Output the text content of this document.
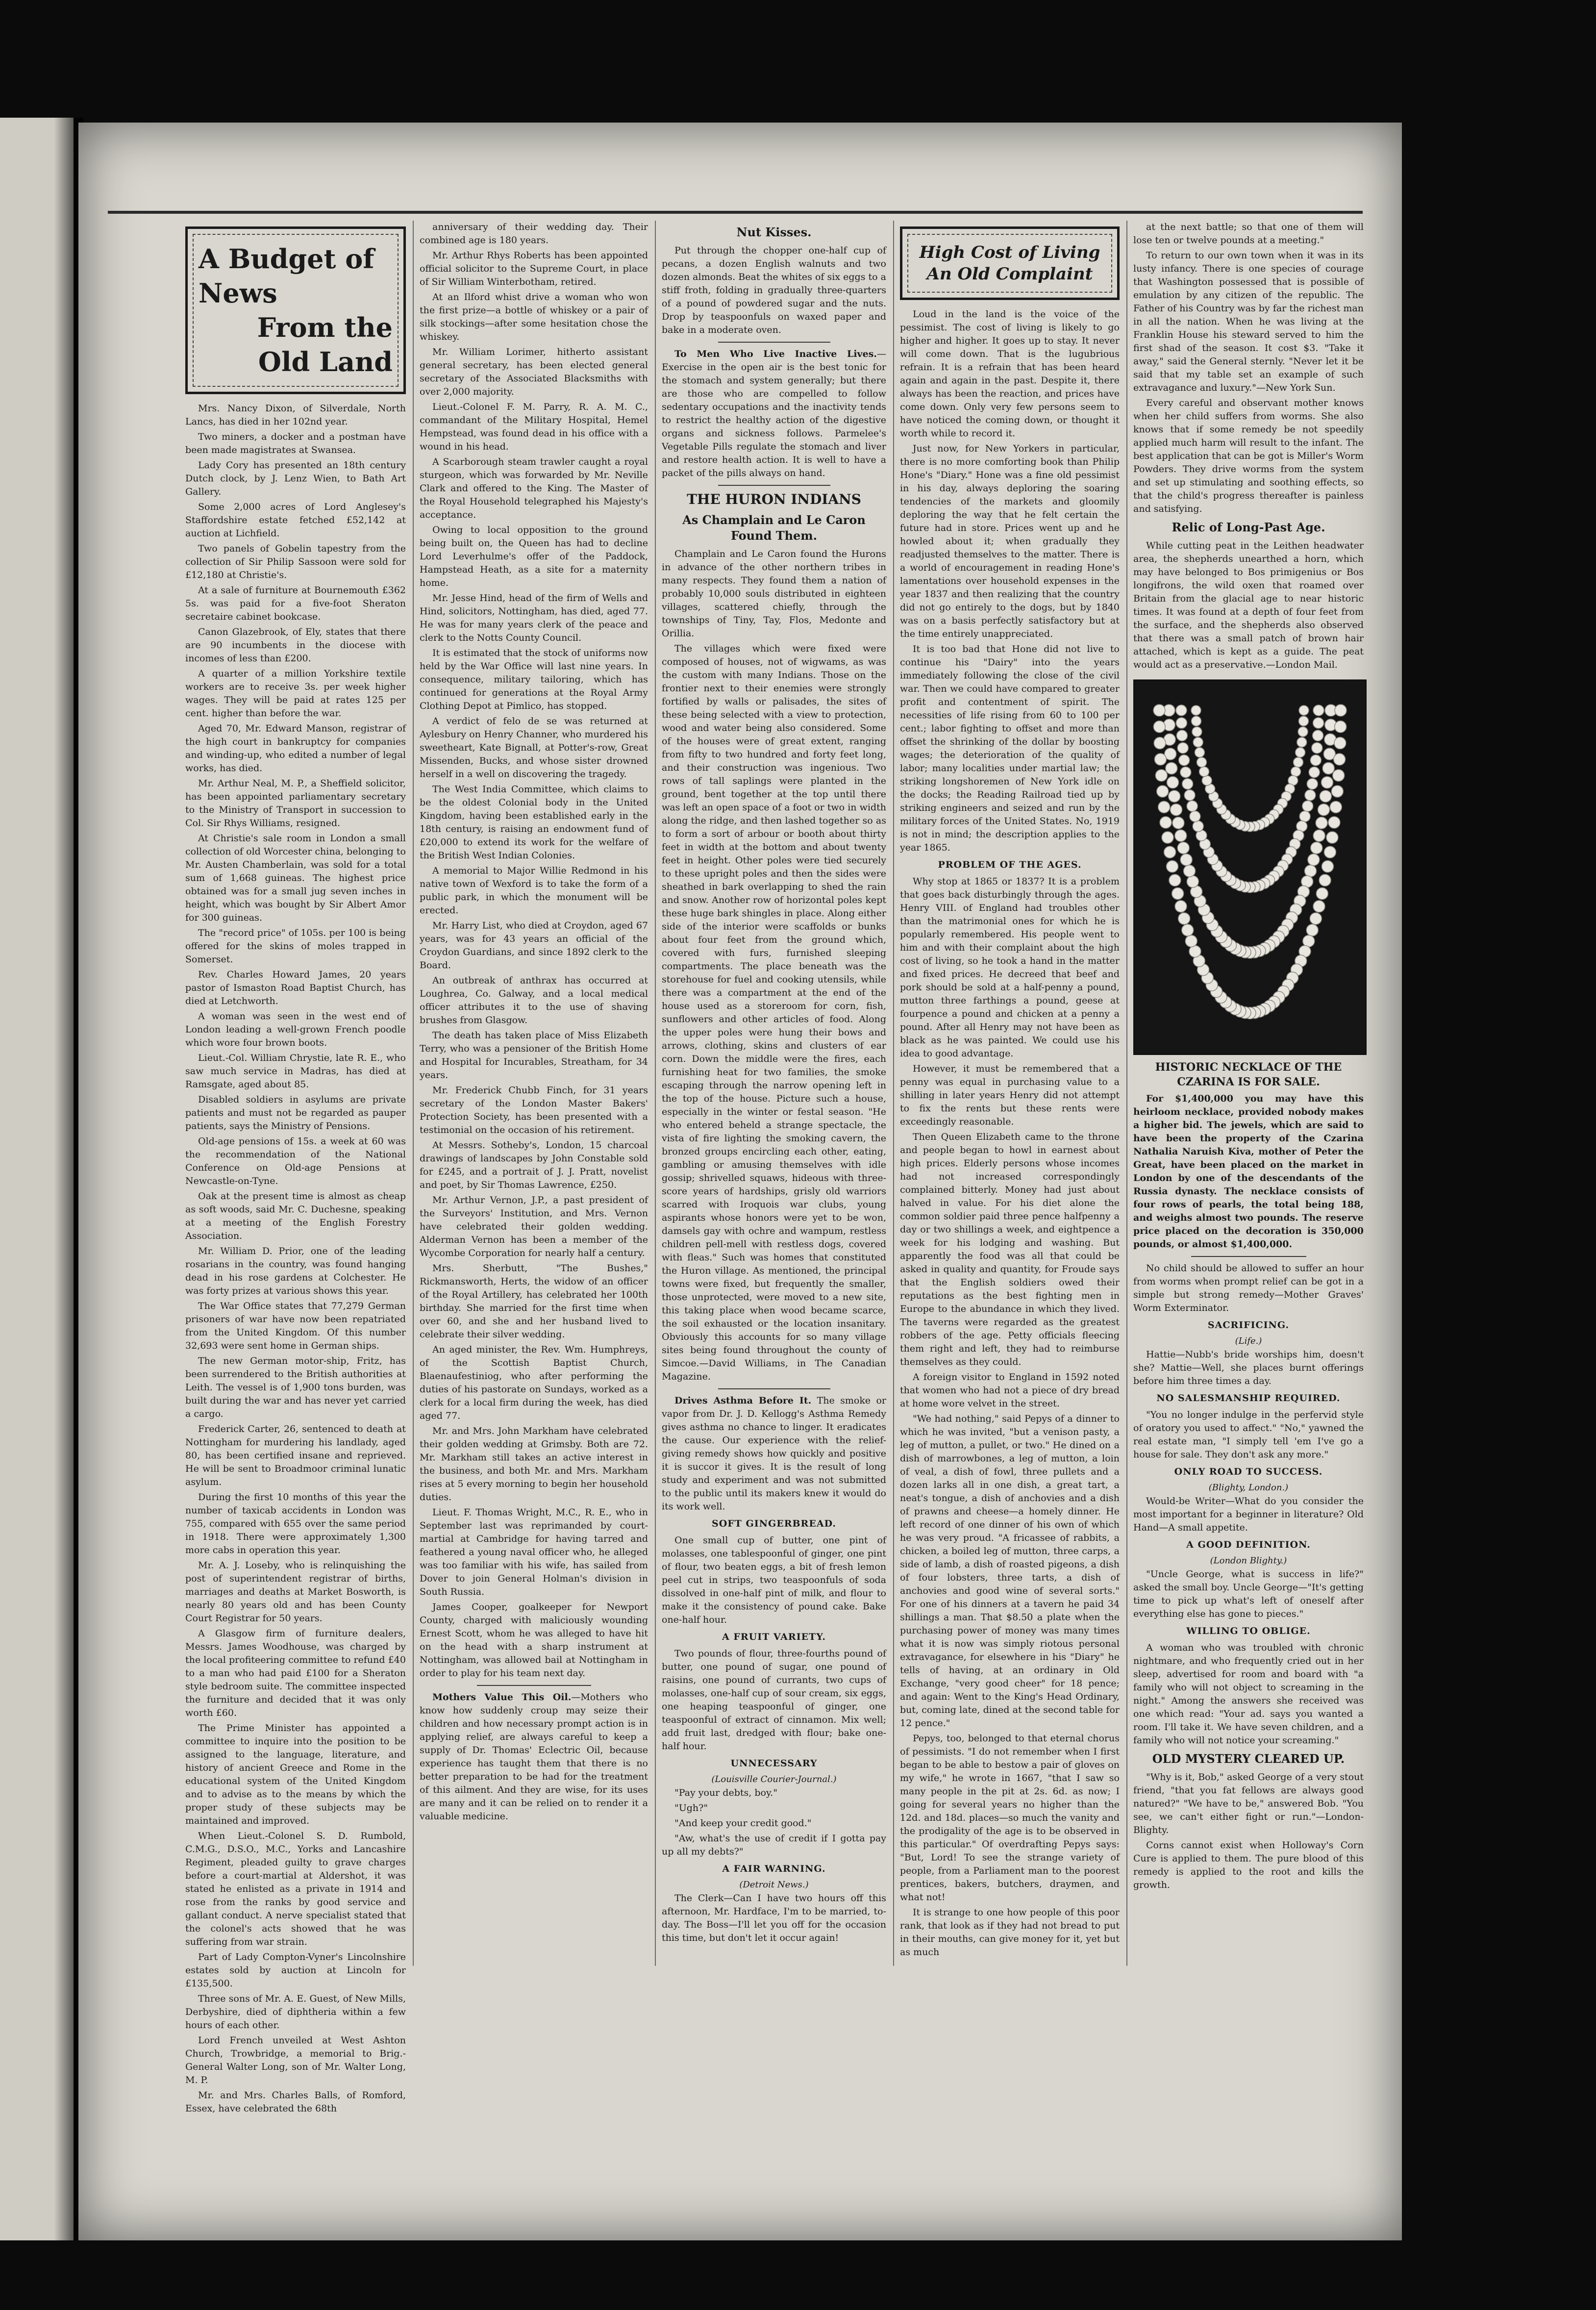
A Budget of News
From the Old Land

Mrs. Nancy Dixon, of Silverdale, North Lancs, has died in her 102nd year.

Two miners, a docker and a postman have been made magistrates at Swansea.

Lady Cory has presented an 18th century Dutch clock, by J. Lenz Wien, to Bath Art Gallery.

Some 2,000 acres of Lord Anglesey's Staffordshire estate fetched £52,142 at auction at Lichfield.

Two panels of Gobelin tapestry from the collection of Sir Philip Sassoon were sold for £12,180 at Christie's.

At a sale of furniture at Bournemouth £362 5s. was paid for a five-foot Sheraton secretaire cabinet bookcase.

Canon Glazebrook, of Ely, states that there are 90 incumbents in the diocese with incomes of less than £200.

A quarter of a million Yorkshire textile workers are to receive 3s. per week higher wages. They will be paid at rates 125 per cent. higher than before the war.

Aged 70, Mr. Edward Manson, registrar of the high court in bankruptcy for companies and winding-up, who edited a number of legal works, has died.

Mr. Arthur Neal, M. P., a Sheffield solicitor, has been appointed parliamentary secretary to the Ministry of Transport in succession to Col. Sir Rhys Williams, resigned.

At Christie's sale room in London a small collection of old Worcester china, belonging to Mr. Austen Chamberlain, was sold for a total sum of 1,668 guineas. The highest price obtained was for a small jug seven inches in height, which was bought by Sir Albert Amor for 300 guineas.

The "record price" of 105s. per 100 is being offered for the skins of moles trapped in Somerset.

Rev. Charles Howard James, 20 years pastor of Ismaston Road Baptist Church, has died at Letchworth.

A woman was seen in the west end of London leading a well-grown French poodle which wore four brown boots.

Lieut.-Col. William Chrystie, late R. E., who saw much service in Madras, has died at Ramsgate, aged about 85.

Disabled soldiers in asylums are private patients and must not be regarded as pauper patients, says the Ministry of Pensions.

Old-age pensions of 15s. a week at 60 was the recommendation of the National Conference on Old-age Pensions at Newcastle-on-Tyne.

Oak at the present time is almost as cheap as soft woods, said Mr. C. Duchesne, speaking at a meeting of the English Forestry Association.

Mr. William D. Prior, one of the leading rosarians in the country, was found hanging dead in his rose gardens at Colchester. He was forty prizes at various shows this year.

The War Office states that 77,279 German prisoners of war have now been repatriated from the United Kingdom. Of this number 32,693 were sent home in German ships.

The new German motor-ship, Fritz, has been surrendered to the British authorities at Leith. The vessel is of 1,900 tons burden, was built during the war and has never yet carried a cargo.

Frederick Carter, 26, sentenced to death at Nottingham for murdering his landlady, aged 80, has been certified insane and reprieved. He will be sent to Broadmoor criminal lunatic asylum.

During the first 10 months of this year the number of taxicab accidents in London was 755, compared with 655 over the same period in 1918. There were approximately 1,300 more cabs in operation this year.

Mr. A. J. Loseby, who is relinquishing the post of superintendent registrar of births, marriages and deaths at Market Bosworth, is nearly 80 years old and has been County Court Registrar for 50 years.

A Glasgow firm of furniture dealers, Messrs. James Woodhouse, was charged by the local profiteering committee to refund £40 to a man who had paid £100 for a Sheraton style bedroom suite. The committee inspected the furniture and decided that it was only worth £60.

The Prime Minister has appointed a committee to inquire into the position to be assigned to the language, literature, and history of ancient Greece and Rome in the educational system of the United Kingdom and to advise as to the means by which the proper study of these subjects may be maintained and improved.

When Lieut.-Colonel S. D. Rumbold, C.M.G., D.S.O., M.C., Yorks and Lancashire Regiment, pleaded guilty to grave charges before a court-martial at Aldershot, it was stated he enlisted as a private in 1914 and rose from the ranks by good service and gallant conduct. A nerve specialist stated that the colonel's acts showed that he was suffering from war strain.

Part of Lady Compton-Vyner's Lincolnshire estates sold by auction at Lincoln for £135,500.

Three sons of Mr. A. E. Guest, of New Mills, Derbyshire, died of diphtheria within a few hours of each other.

Lord French unveiled at West Ashton Church, Trowbridge, a memorial to Brig.-General Walter Long, son of Mr. Walter Long, M. P.

Mr. and Mrs. Charles Balls, of Romford, Essex, have celebrated the 68th

anniversary of their wedding day. Their combined age is 180 years.

Mr. Arthur Rhys Roberts has been appointed official solicitor to the Supreme Court, in place of Sir William Winterbotham, retired.

At an Ilford whist drive a woman who won the first prize—a bottle of whiskey or a pair of silk stockings—after some hesitation chose the whiskey.

Mr. William Lorimer, hitherto assistant general secretary, has been elected general secretary of the Associated Blacksmiths with over 2,000 majority.

Lieut.-Colonel F. M. Parry, R. A. M. C., commandant of the Military Hospital, Hemel Hempstead, was found dead in his office with a wound in his head.

A Scarborough steam trawler caught a royal sturgeon, which was forwarded by Mr. Neville Clark and offered to the King. The Master of the Royal Household telegraphed his Majesty's acceptance.

Owing to local opposition to the ground being built on, the Queen has had to decline Lord Leverhulme's offer of the Paddock, Hampstead Heath, as a site for a maternity home.

Mr. Jesse Hind, head of the firm of Wells and Hind, solicitors, Nottingham, has died, aged 77. He was for many years clerk of the peace and clerk to the Notts County Council.

It is estimated that the stock of uniforms now held by the War Office will last nine years. In consequence, military tailoring, which has continued for generations at the Royal Army Clothing Depot at Pimlico, has stopped.

A verdict of felo de se was returned at Aylesbury on Henry Channer, who murdered his sweetheart, Kate Bignall, at Potter's-row, Great Missenden, Bucks, and whose sister drowned herself in a well on discovering the tragedy.

The West India Committee, which claims to be the oldest Colonial body in the United Kingdom, having been established early in the 18th century, is raising an endowment fund of £20,000 to extend its work for the welfare of the British West Indian Colonies.

A memorial to Major Willie Redmond in his native town of Wexford is to take the form of a public park, in which the monument will be erected.

Mr. Harry List, who died at Croydon, aged 67 years, was for 43 years an official of the Croydon Guardians, and since 1892 clerk to the Board.

An outbreak of anthrax has occurred at Loughrea, Co. Galway, and a local medical officer attributes it to the use of shaving brushes from Glasgow.

The death has taken place of Miss Elizabeth Terry, who was a pensioner of the British Home and Hospital for Incurables, Streatham, for 34 years.

Mr. Frederick Chubb Finch, for 31 years secretary of the London Master Bakers' Protection Society, has been presented with a testimonial on the occasion of his retirement.

At Messrs. Sotheby's, London, 15 charcoal drawings of landscapes by John Constable sold for £245, and a portrait of J. J. Pratt, novelist and poet, by Sir Thomas Lawrence, £250.

Mr. Arthur Vernon, J.P., a past president of the Surveyors' Institution, and Mrs. Vernon have celebrated their golden wedding. Alderman Vernon has been a member of the Wycombe Corporation for nearly half a century.

Mrs. Sherbutt, "The Bushes," Rickmansworth, Herts, the widow of an officer of the Royal Artillery, has celebrated her 100th birthday. She married for the first time when over 60, and she and her husband lived to celebrate their silver wedding.

An aged minister, the Rev. Wm. Humphreys, of the Scottish Baptist Church, Blaenaufestiniog, who after performing the duties of his pastorate on Sundays, worked as a clerk for a local firm during the week, has died aged 77.

Mr. and Mrs. John Markham have celebrated their golden wedding at Grimsby. Both are 72. Mr. Markham still takes an active interest in the business, and both Mr. and Mrs. Markham rises at 5 every morning to begin her household duties.

Lieut. F. Thomas Wright, M.C., R. E., who in September last was reprimanded by court-martial at Cambridge for having tarred and feathered a young naval officer who, he alleged was too familiar with his wife, has sailed from Dover to join General Holman's division in South Russia.

James Cooper, goalkeeper for Newport County, charged with maliciously wounding Ernest Scott, whom he was alleged to have hit on the head with a sharp instrument at Nottingham, was allowed bail at Nottingham in order to play for his team next day.

Mothers Value This Oil.—Mothers who know how suddenly croup may seize their children and how necessary prompt action is in applying relief, are always careful to keep a supply of Dr. Thomas' Eclectric Oil, because experience has taught them that there is no better preparation to be had for the treatment of this ailment. And they are wise, for its uses are many and it can be relied on to render it a valuable medicine.

Nut Kisses.

Put through the chopper one-half cup of pecans, a dozen English walnuts and two dozen almonds. Beat the whites of six eggs to a stiff froth, folding in gradually three-quarters of a pound of powdered sugar and the nuts. Drop by teaspoonfuls on waxed paper and bake in a moderate oven.

To Men Who Live Inactive Lives.—Exercise in the open air is the best tonic for the stomach and system generally; but there are those who are compelled to follow sedentary occupations and the inactivity tends to restrict the healthy action of the digestive organs and sickness follows. Parmelee's Vegetable Pills regulate the stomach and liver and restore health action. It is well to have a packet of the pills always on hand.

THE HURON INDIANS
As Champlain and Le Caron Found Them.

Champlain and Le Caron found the Hurons in advance of the other northern tribes in many respects. They found them a nation of probably 10,000 souls distributed in eighteen villages, scattered chiefly, through the townships of Tiny, Tay, Flos, Medonte and Orillia.

The villages which were fixed were composed of houses, not of wigwams, as was the custom with many Indians. Those on the frontier next to their enemies were strongly fortified by walls or palisades, the sites of these being selected with a view to protection, wood and water being also considered. Some of the houses were of great extent, ranging from fifty to two hundred and forty feet long, and their construction was ingenious. Two rows of tall saplings were planted in the ground, bent together at the top until there was left an open space of a foot or two in width along the ridge, and then lashed together so as to form a sort of arbour or booth about thirty feet in width at the bottom and about twenty feet in height. Other poles were tied securely to these upright poles and then the sides were sheathed in bark overlapping to shed the rain and snow. Another row of horizontal poles kept these huge bark shingles in place. Along either side of the interior were scaffolds or bunks about four feet from the ground which, covered with furs, furnished sleeping compartments. The place beneath was the storehouse for fuel and cooking utensils, while there was a compartment at the end of the house used as a storeroom for corn, fish, sunflowers and other articles of food. Along the upper poles were hung their bows and arrows, clothing, skins and clusters of ear corn. Down the middle were the fires, each furnishing heat for two families, the smoke escaping through the narrow opening left in the top of the house. Picture such a house, especially in the winter or festal season. "He who entered beheld a strange spectacle, the vista of fire lighting the smoking cavern, the bronzed groups encircling each other, eating, gambling or amusing themselves with idle gossip; shrivelled squaws, hideous with three-score years of hardships, grisly old warriors scarred with Iroquois war clubs, young aspirants whose honors were yet to be won, damsels gay with ochre and wampum, restless children pell-mell with restless dogs, covered with fleas." Such was homes that constituted the Huron village. As mentioned, the principal towns were fixed, but frequently the smaller, those unprotected, were moved to a new site, this taking place when wood became scarce, the soil exhausted or the location insanitary. Obviously this accounts for so many village sites being found throughout the county of Simcoe.—David Williams, in The Canadian Magazine.

Drives Asthma Before It. The smoke or vapor from Dr. J. D. Kellogg's Asthma Remedy gives asthma no chance to linger. It eradicates the cause. Our experience with the relief-giving remedy shows how quickly and positive it is succor it gives. It is the result of long study and experiment and was not submitted to the public until its makers knew it would do its work well.

SOFT GINGERBREAD.

One small cup of butter, one pint of molasses, one tablespoonful of ginger, one pint of flour, two beaten eggs, a bit of fresh lemon peel cut in strips, two teaspoonfuls of soda dissolved in one-half pint of milk, and flour to make it the consistency of pound cake. Bake one-half hour.

A FRUIT VARIETY.

Two pounds of flour, three-fourths pound of butter, one pound of sugar, one pound of raisins, one pound of currants, two cups of molasses, one-half cup of sour cream, six eggs, one heaping teaspoonful of ginger, one teaspoonful of extract of cinnamon. Mix well; add fruit last, dredged with flour; bake one-half hour.

UNNECESSARY
(Louisville Courier-Journal.)

"Pay your debts, boy."

"Ugh?"

"And keep your credit good."

"Aw, what's the use of credit if I gotta pay up all my debts?"

A FAIR WARNING.
(Detroit News.)

The Clerk—Can I have two hours off this afternoon, Mr. Hardface, I'm to be married, to-day. The Boss—I'll let you off for the occasion this time, but don't let it occur again!

High Cost of Living
An Old Complaint

Loud in the land is the voice of the pessimist. The cost of living is likely to go higher and higher. It goes up to stay. It never will come down. That is the lugubrious refrain. It is a refrain that has been heard again and again in the past. Despite it, there always has been the reaction, and prices have come down. Only very few persons seem to have noticed the coming down, or thought it worth while to record it.

Just now, for New Yorkers in particular, there is no more comforting book than Philip Hone's "Diary." Hone was a fine old pessimist in his day, always deploring the soaring tendencies of the markets and gloomily deploring the way that he felt certain the future had in store. Prices went up and he howled about it; when gradually they readjusted themselves to the matter. There is a world of encouragement in reading Hone's lamentations over household expenses in the year 1837 and then realizing that the country did not go entirely to the dogs, but by 1840 was on a basis perfectly satisfactory but at the time entirely unappreciated.

It is too bad that Hone did not live to continue his "Dairy" into the years immediately following the close of the civil war. Then we could have compared to greater profit and contentment of spirit. The necessities of life rising from 60 to 100 per cent.; labor fighting to offset and more than offset the shrinking of the dollar by boosting wages; the deterioration of the quality of labor; many localities under martial law; the striking longshoremen of New York idle on the docks; the Reading Railroad tied up by striking engineers and seized and run by the military forces of the United States. No, 1919 is not in mind; the description applies to the year 1865.

PROBLEM OF THE AGES.

Why stop at 1865 or 1837? It is a problem that goes back disturbingly through the ages. Henry VIII. of England had troubles other than the matrimonial ones for which he is popularly remembered. His people went to him and with their complaint about the high cost of living, so he took a hand in the matter and fixed prices. He decreed that beef and pork should be sold at a half-penny a pound, mutton three farthings a pound, geese at fourpence a pound and chicken at a penny a pound. After all Henry may not have been as black as he was painted. We could use his idea to good advantage.

However, it must be remembered that a penny was equal in purchasing value to a shilling in later years Henry did not attempt to fix the rents but these rents were exceedingly reasonable.

Then Queen Elizabeth came to the throne and people began to howl in earnest about high prices. Elderly persons whose incomes had not increased correspondingly complained bitterly. Money had just about halved in value. For his diet alone the common soldier paid three pence halfpenny a day or two shillings a week, and eightpence a week for his lodging and washing. But apparently the food was all that could be asked in quality and quantity, for Froude says that the English soldiers owed their reputations as the best fighting men in Europe to the abundance in which they lived. The taverns were regarded as the greatest robbers of the age. Petty officials fleecing them right and left, they had to reimburse themselves as they could.

A foreign visitor to England in 1592 noted that women who had not a piece of dry bread at home wore velvet in the street.

"We had nothing," said Pepys of a dinner to which he was invited, "but a venison pasty, a leg of mutton, a pullet, or two." He dined on a dish of marrowbones, a leg of mutton, a loin of veal, a dish of fowl, three pullets and a dozen larks all in one dish, a great tart, a neat's tongue, a dish of anchovies and a dish of prawns and cheese—a homely dinner. He left record of one dinner of his own of which he was very proud. "A fricassee of rabbits, a chicken, a boiled leg of mutton, three carps, a side of lamb, a dish of roasted pigeons, a dish of four lobsters, three tarts, a dish of anchovies and good wine of several sorts." For one of his dinners at a tavern he paid 34 shillings a man. That $8.50 a plate when the purchasing power of money was many times what it is now was simply riotous personal extravagance, for elsewhere in his "Diary" he tells of having, at an ordinary in Old Exchange, "very good cheer" for 18 pence; and again: Went to the King's Head Ordinary, but, coming late, dined at the second table for 12 pence."

Pepys, too, belonged to that eternal chorus of pessimists. "I do not remember when I first began to be able to bestow a pair of gloves on my wife," he wrote in 1667, "that I saw so many people in the pit at 2s. 6d. as now; I going for several years no higher than the 12d. and 18d. places—so much the vanity and the prodigality of the age is to be observed in this particular." Of overdrafting Pepys says: "But, Lord! To see the strange variety of people, from a Parliament man to the poorest prentices, bakers, butchers, draymen, and what not!

It is strange to one how people of this poor rank, that look as if they had not bread to put in their mouths, can give money for it, yet but as much

at the next battle; so that one of them will lose ten or twelve pounds at a meeting."

To return to our own town when it was in its lusty infancy. There is one species of courage that Washington possessed that is possible of emulation by any citizen of the republic. The Father of his Country was by far the richest man in all the nation. When he was living at the Franklin House his steward served to him the first shad of the season. It cost $3. "Take it away," said the General sternly. "Never let it be said that my table set an example of such extravagance and luxury."—New York Sun.

Every careful and observant mother knows when her child suffers from worms. She also knows that if some remedy be not speedily applied much harm will result to the infant. The best application that can be got is Miller's Worm Powders. They drive worms from the system and set up stimulating and soothing effects, so that the child's progress thereafter is painless and satisfying.

Relic of Long-Past Age.

While cutting peat in the Leithen headwater area, the shepherds unearthed a horn, which may have belonged to Bos primigenius or Bos longifrons, the wild oxen that roamed over Britain from the glacial age to near historic times. It was found at a depth of four feet from the surface, and the shepherds also observed that there was a small patch of brown hair attached, which is kept as a guide. The peat would act as a preservative.—London Mail.

HISTORIC NECKLACE OF THE CZARINA IS FOR SALE.

For $1,400,000 you may have this heirloom necklace, provided nobody makes a higher bid. The jewels, which are said to have been the property of the Czarina Nathalia Naruish Kiva, mother of Peter the Great, have been placed on the market in London by one of the descendants of the Russia dynasty. The necklace consists of four rows of pearls, the total being 188, and weighs almost two pounds. The reserve price placed on the decoration is 350,000 pounds, or almost $1,400,000.

No child should be allowed to suffer an hour from worms when prompt relief can be got in a simple but strong remedy—Mother Graves' Worm Exterminator.

SACRIFICING.
(Life.)

Hattie—Nubb's bride worships him, doesn't she? Mattie—Well, she places burnt offerings before him three times a day.

NO SALESMANSHIP REQUIRED.

"You no longer indulge in the perfervid style of oratory you used to affect." "No," yawned the real estate man, "I simply tell 'em I've go a house for sale. They don't ask any more."

ONLY ROAD TO SUCCESS.
(Blighty, London.)

Would-be Writer—What do you consider the most important for a beginner in literature? Old Hand—A small appetite.

A GOOD DEFINITION.
(London Blighty.)

"Uncle George, what is success in life?" asked the small boy. Uncle George—"It's getting time to pick up what's left of oneself after everything else has gone to pieces."

WILLING TO OBLIGE.

A woman who was troubled with chronic nightmare, and who frequently cried out in her sleep, advertised for room and board with "a family who will not object to screaming in the night." Among the answers she received was one which read: "Your ad. says you wanted a room. I'll take it. We have seven children, and a family who will not notice your screaming."

OLD MYSTERY CLEARED UP.

"Why is it, Bob," asked George of a very stout friend, "that you fat fellows are always good natured?" "We have to be," answered Bob. "You see, we can't either fight or run."—London-Blighty.

Corns cannot exist when Holloway's Corn Cure is applied to them. The pure blood of this remedy is applied to the root and kills the growth.
